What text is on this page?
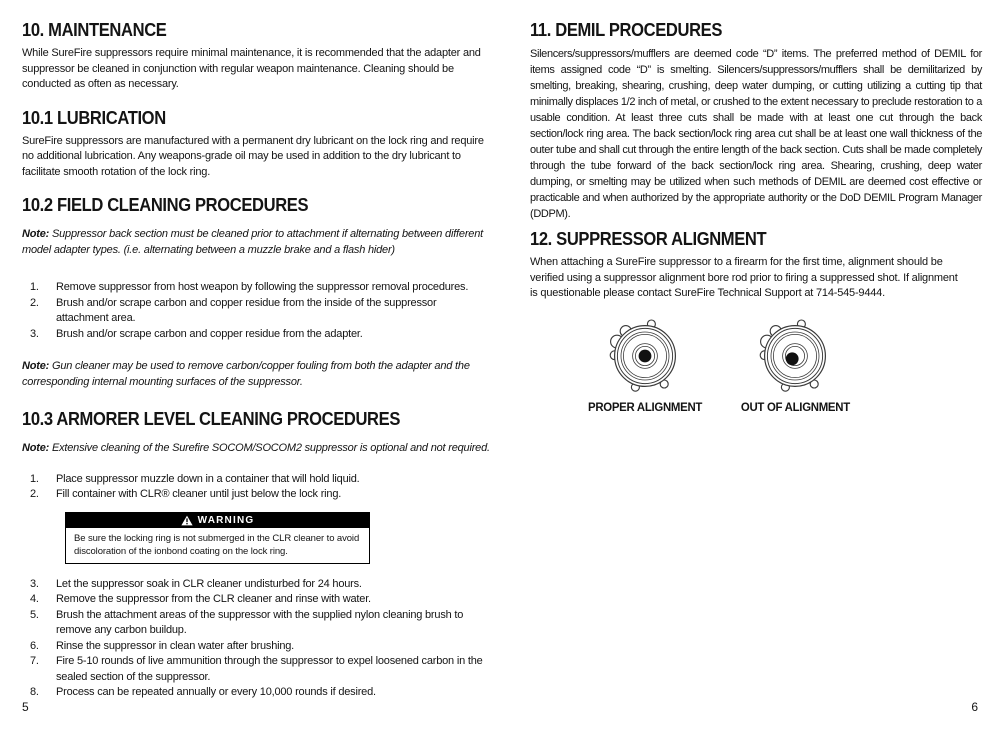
10. MAINTENANCE

While SureFire suppressors require minimal maintenance, it is recommended that the adapter and suppressor be cleaned in conjunction with regular weapon maintenance. Cleaning should be conducted as often as necessary.

10.1 LUBRICATION

SureFire suppressors are manufactured with a permanent dry lubricant on the lock ring and require no additional lubrication. Any weapons-grade oil may be used in addition to the dry lubricant to facilitate smooth rotation of the lock ring.

10.2 FIELD CLEANING PROCEDURES

Note: Suppressor back section must be cleaned prior to attachment if alternating between different model adapter types. (i.e. alternating between a muzzle brake and a flash hider)

1.	Remove suppressor from host weapon by following the suppressor removal procedures.
2.	Brush and/or scrape carbon and copper residue from the inside of the suppressor attachment area.
3.	Brush and/or scrape carbon and copper residue from the adapter.

Note: Gun cleaner may be used to remove carbon/copper fouling from both the adapter and the corresponding internal mounting surfaces of the suppressor.

10.3 ARMORER LEVEL CLEANING PROCEDURES

Note: Extensive cleaning of the Surefire SOCOM/SOCOM2 suppressor is optional and not required.

1.	Place suppressor muzzle down in a container that will hold liquid.
2.	Fill container with CLR® cleaner until just below the lock ring.
WARNING
Be sure the locking ring is not submerged in the CLR cleaner to avoid discoloration of the ionbond coating on the lock ring.
3.	Let the suppressor soak in CLR cleaner undisturbed for 24 hours.
4.	Remove the suppressor from the CLR cleaner and rinse with water.
5.	Brush the attachment areas of the suppressor with the supplied nylon cleaning brush to remove any carbon buildup.
6.	Rinse the suppressor in clean water after brushing.
7.	Fire 5-10 rounds of live ammunition through the suppressor to expel loosened carbon in the sealed section of the suppressor.
8.	Process can be repeated annually or every 10,000 rounds if desired.
11. DEMIL PROCEDURES

Silencers/suppressors/mufflers are deemed code “D” items. The preferred method of DEMIL for items assigned code “D” is smelting. Silencers/suppressors/mufflers shall be demilitarized by smelting, breaking, shearing, crushing, deep water dumping, or cutting utilizing a cutting tip that minimally displaces 1/2 inch of metal, or crushed to the extent necessary to preclude restoration to a usable condition. At least three cuts shall be made with at least one cut through the back section/lock ring area. The back section/lock ring area cut shall be at least one wall thickness of the outer tube and shall cut through the entire length of the back section. Cuts shall be made completely through the tube forward of the back section/lock ring area. Shearing, crushing, deep water dumping, or smelting may be utilized when such methods of DEMIL are deemed cost effective or practicable and when authorized by the appropriate authority or the DoD DEMIL Program Manager (DDPM).

12. SUPPRESSOR ALIGNMENT

When attaching a SureFire suppressor to a firearm for the first time, alignment should be verified using a suppressor alignment bore rod prior to firing a suppressed shot. If alignment is questionable please contact SureFire Technical Support at 714-545-9444.

PROPER ALIGNMENT	OUT OF ALIGNMENT
5	6
